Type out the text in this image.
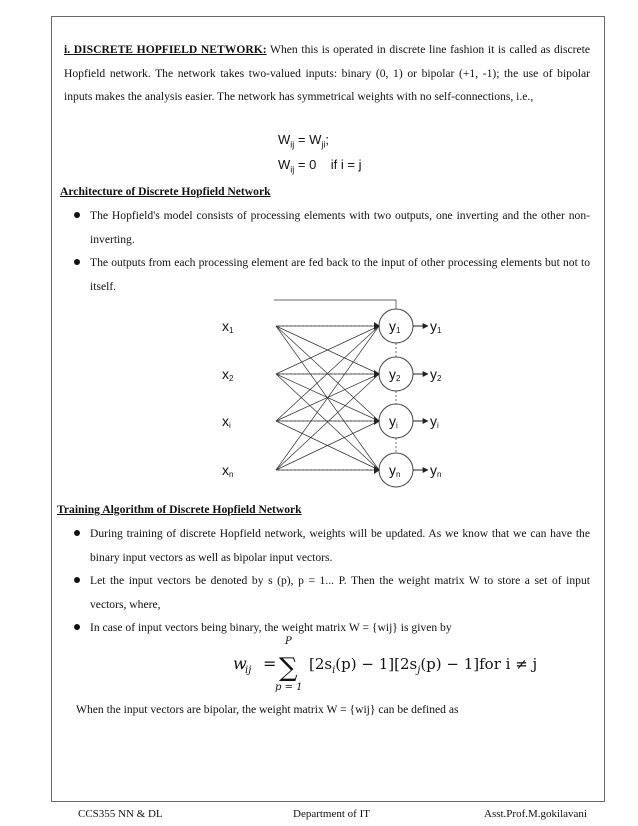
i. DISCRETE HOPFIELD NETWORK: When this is operated in discrete line fashion it is called as discrete Hopfield network. The network takes two-valued inputs: binary (0, 1) or bipolar (+1, -1); the use of bipolar inputs makes the analysis easier. The network has symmetrical weights with no self-connections, i.e.,

$W_{ij} = W_{ji}$;
$W_{ij} = 0$    if i = j

Architecture of Discrete Hopfield Network

The Hopfield's model consists of processing elements with two outputs, one inverting and the other non-inverting.
The outputs from each processing element are fed back to the input of other processing elements but not to itself.
x1	y1 y1
x2	y2 y2
xi	yi yi
xn	yn yn

Training Algorithm of Discrete Hopfield Network

During training of discrete Hopfield network, weights will be updated. As we know that we can have the binary input vectors as well as bipolar input vectors.
Let the input vectors be denoted by s (p), p = 1... P. Then the weight matrix W to store a set of input vectors, where,
In case of input vectors being binary, the weight matrix W = {wij} is given by
w
ij =
P
∑
p = 1
$[2s_i(p) - 1][2s_j(p) - 1]for$ i ≠ j

When the input vectors are bipolar, the weight matrix W = {wij} can be defined as

CCS355 NN & DL	Department of IT	Asst.Prof.M.gokilavani
